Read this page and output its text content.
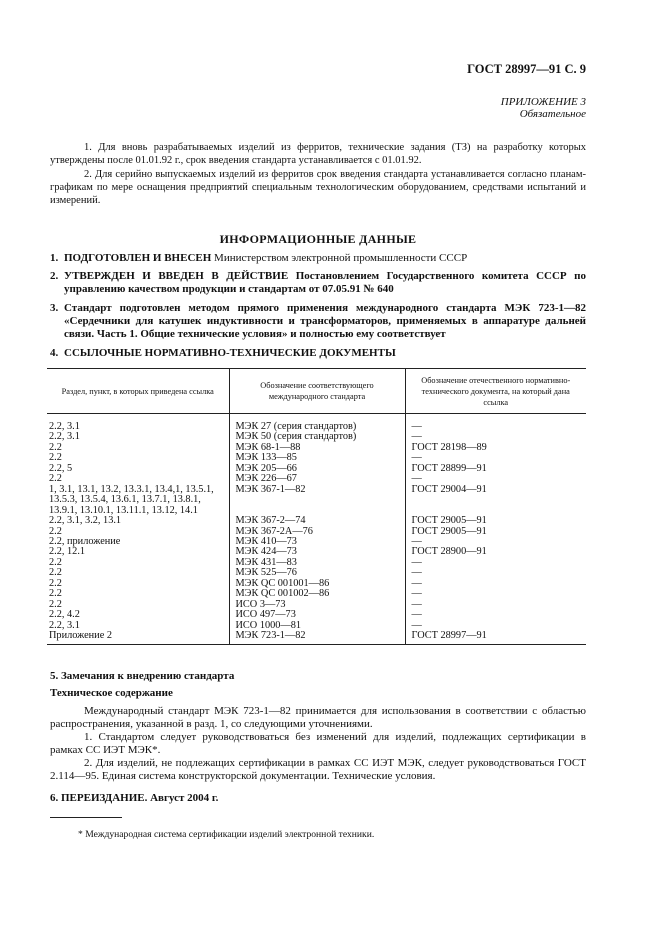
ГОСТ 28997—91 С. 9
ПРИЛОЖЕНИЕ 3
Обязательное
1. Для вновь разрабатываемых изделий из ферритов, технические задания (ТЗ) на разработку которых утверждены после 01.01.92 г., срок введения стандарта устанавливается с 01.01.92.
2. Для серийно выпускаемых изделий из ферритов срок введения стандарта устанавливается согласно планам-графикам по мере оснащения предприятий специальным технологическим оборудованием, средствами испытаний и измерений.
ИНФОРМАЦИОННЫЕ ДАННЫЕ
1. ПОДГОТОВЛЕН И ВНЕСЕН Министерством электронной промышленности СССР
2. УТВЕРЖДЕН И ВВЕДЕН В ДЕЙСТВИЕ Постановлением Государственного комитета СССР по управлению качеством продукции и стандартам от 07.05.91 № 640
3. Стандарт подготовлен методом прямого применения международного стандарта МЭК 723-1—82 «Сердечники для катушек индуктивности и трансформаторов, применяемых в аппаратуре дальней связи. Часть 1. Общие технические условия» и полностью ему соответствует
4. ССЫЛОЧНЫЕ НОРМАТИВНО-ТЕХНИЧЕСКИЕ ДОКУМЕНТЫ
Раздел, пункт, в которых приведена ссылка	Обозначение соответствующего международного стандарта	Обозначение отечественного нормативно-технического документа, на который дана ссылка
2.2, 3.1	МЭК 27 (серия стандартов)	—
2.2, 3.1	МЭК 50 (серия стандартов)	—
2.2	МЭК 68-1—88	ГОСТ 28198—89
2.2	МЭК 133—85	—
2.2, 5	МЭК 205—66	ГОСТ 28899—91
2.2	МЭК 226—67	—
1, 3.1, 13.1, 13.2, 13.3.1, 13.4,1, 13.5.1, 13.5.3, 13.5.4, 13.6.1, 13.7.1, 13.8.1, 13.9.1, 13.10.1, 13.11.1, 13.12, 14.1	МЭК 367-1—82	ГОСТ 29004—91
2.2, 3.1, 3.2, 13.1	МЭК 367-2—74	ГОСТ 29005—91
2.2	МЭК 367-2А—76	ГОСТ 29005—91
2.2, приложение	МЭК 410—73	—
2.2, 12.1	МЭК 424—73	ГОСТ 28900—91
2.2	МЭК 431—83	—
2.2	МЭК 525—76	—
2.2	МЭК QC 001001—86	—
2.2	МЭК QC 001002—86	—
2.2	ИСО 3—73	—
2.2, 4.2	ИСО 497—73	—
2.2, 3.1	ИСО 1000—81	—
Приложение 2	МЭК 723-1—82	ГОСТ 28997—91
5. Замечания к внедрению стандарта
Техническое содержание
Международный стандарт МЭК 723-1—82 принимается для использования в соответствии с областью распространения, указанной в разд. 1, со следующими уточнениями.
1. Стандартом следует руководствоваться без изменений для изделий, подлежащих сертификации в рамках СС ИЭТ МЭК*.
2. Для изделий, не подлежащих сертификации в рамках СС ИЭТ МЭК, следует руководствоваться ГОСТ 2.114—95. Единая система конструкторской документации. Технические условия.
6. ПЕРЕИЗДАНИЕ. Август 2004 г.
* Международная система сертификации изделий электронной техники.
